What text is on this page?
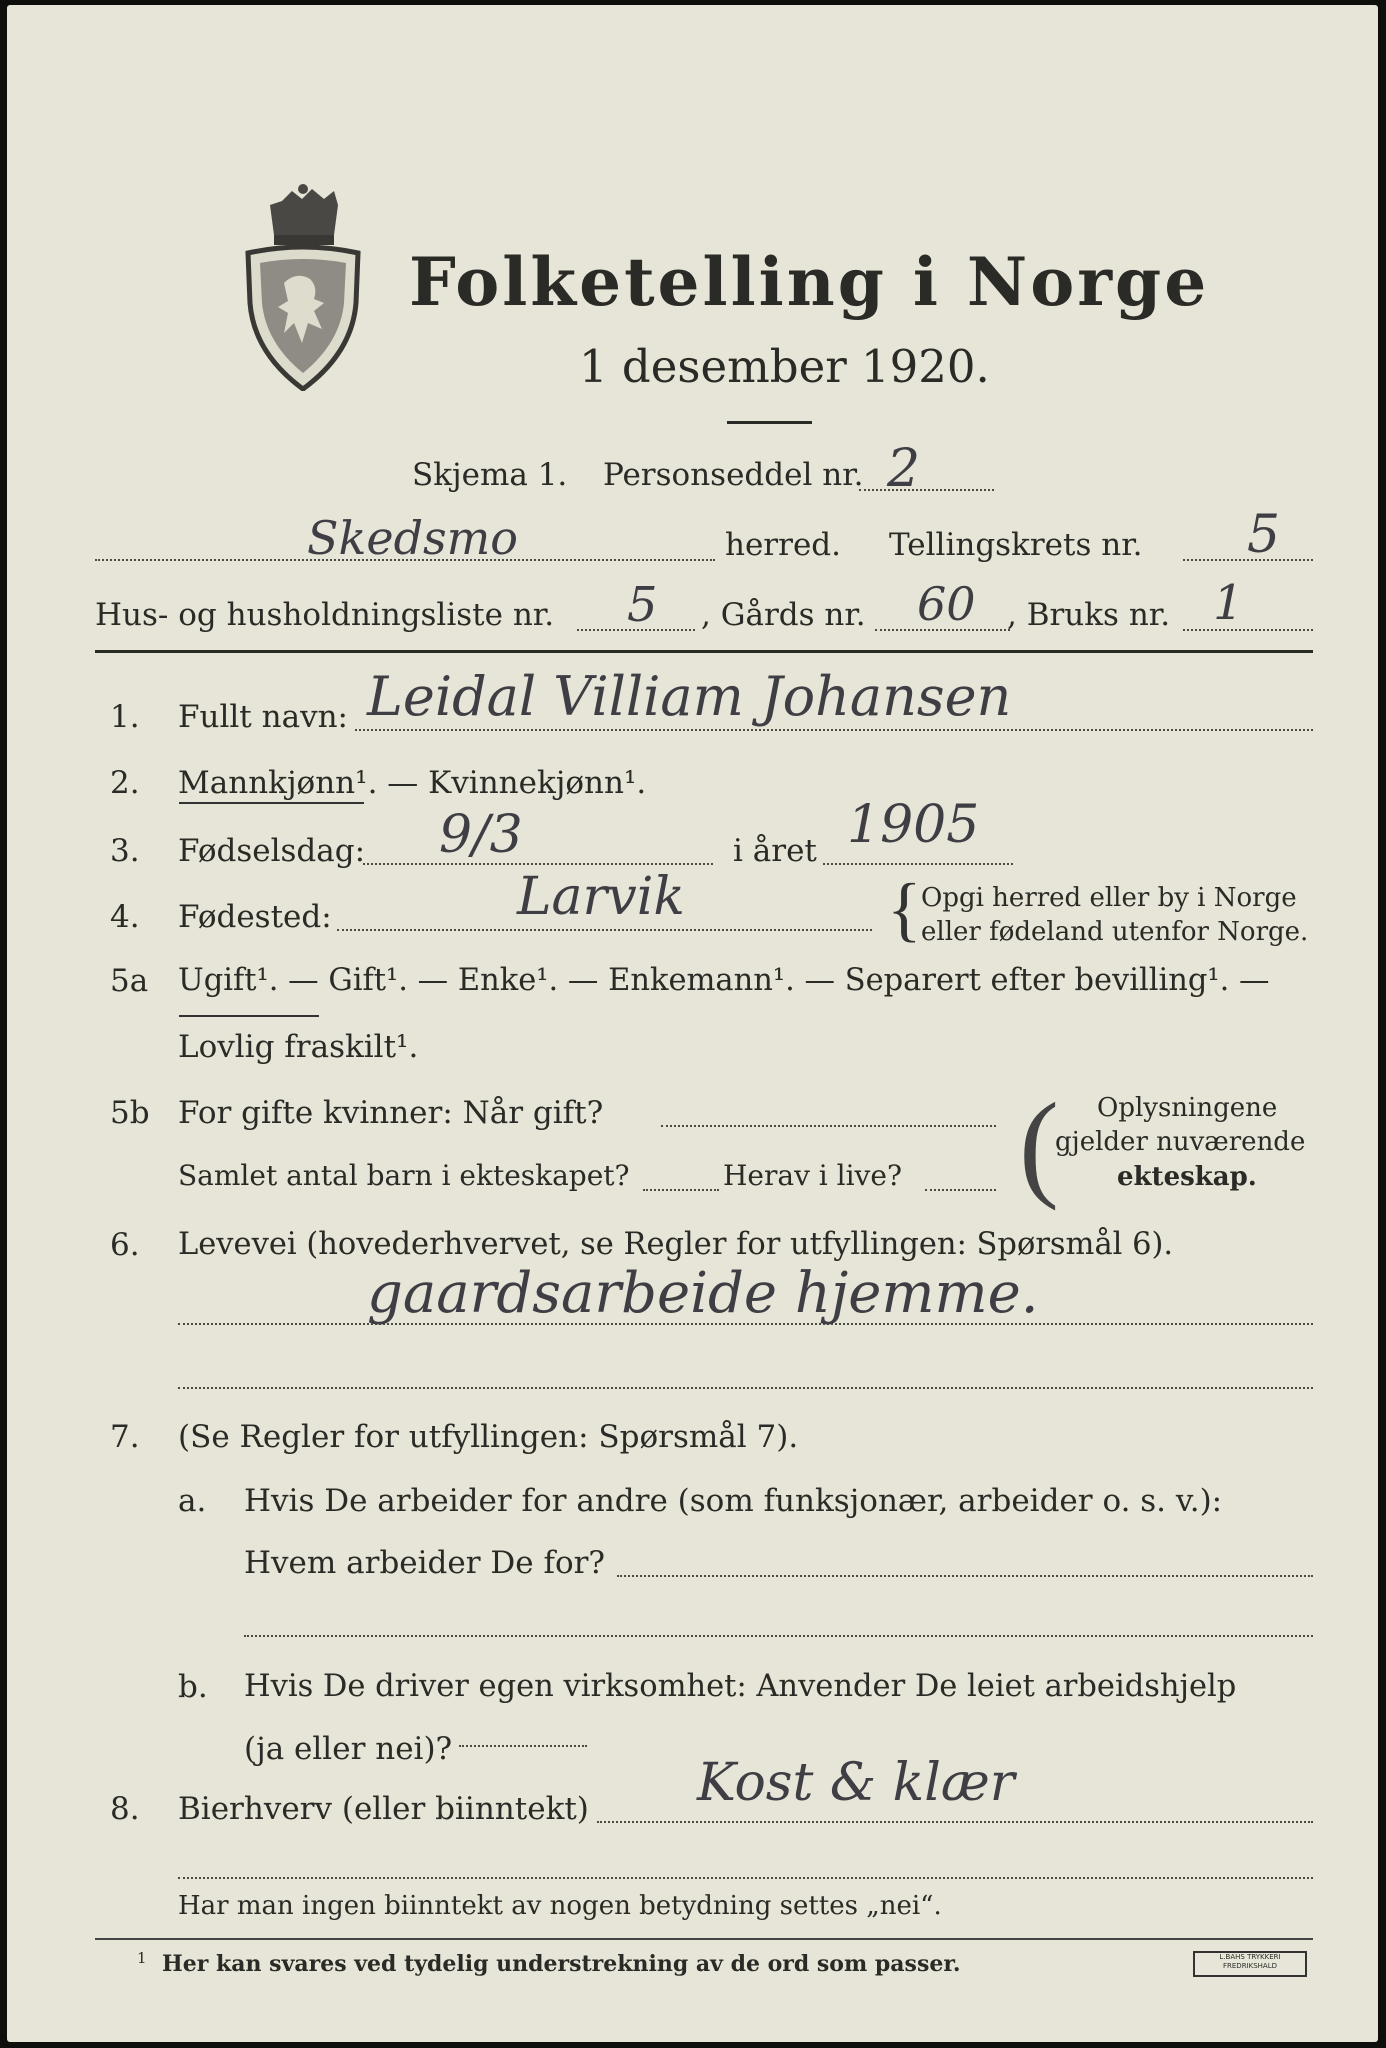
Folketelling i Norge
1 desember 1920.
Skjema 1. Personseddel nr. 2
Skedsmo	herred. Tellingskrets nr. 5
Hus- og husholdningsliste nr. 5 , Gårds nr. 60 , Bruks nr. 1
1. Fullt navn: Leidal Villiam Johansen
2. Mannkjønn¹. — Kvinnekjønn¹.
3. Fødselsdag: 9/3	i året 1905
4. Fødested:	Larvik	{ Opgi herred eller by i Norge
eller fødeland utenfor Norge.
5a Ugift¹. — Gift¹. — Enke¹. — Enkemann¹. — Separert efter bevilling¹. —
Lovlig fraskilt¹.
5b For gifte kvinner: Når gift?
Samlet antal barn i ekteskapet?	Herav i live? ( Oplysningene
gjelder nuværende
ekteskap.
6. Levevei (hovederhvervet, se Regler for utfyllingen: Spørsmål 6).
gaardsarbeide hjemme.
7. (Se Regler for utfyllingen: Spørsmål 7).
a. Hvis De arbeider for andre (som funksjonær, arbeider o. s. v.):
Hvem arbeider De for?
b. Hvis De driver egen virksomhet: Anvender De leiet arbeidshjelp
(ja eller nei)?
8. Bierhverv (eller biinntekt) Kost & klær
Har man ingen biinntekt av nogen betydning settes „nei“.
1 Her kan svares ved tydelig understrekning av de ord som passer.	L.BAHS TRYKKERI FREDRIKSHALD
